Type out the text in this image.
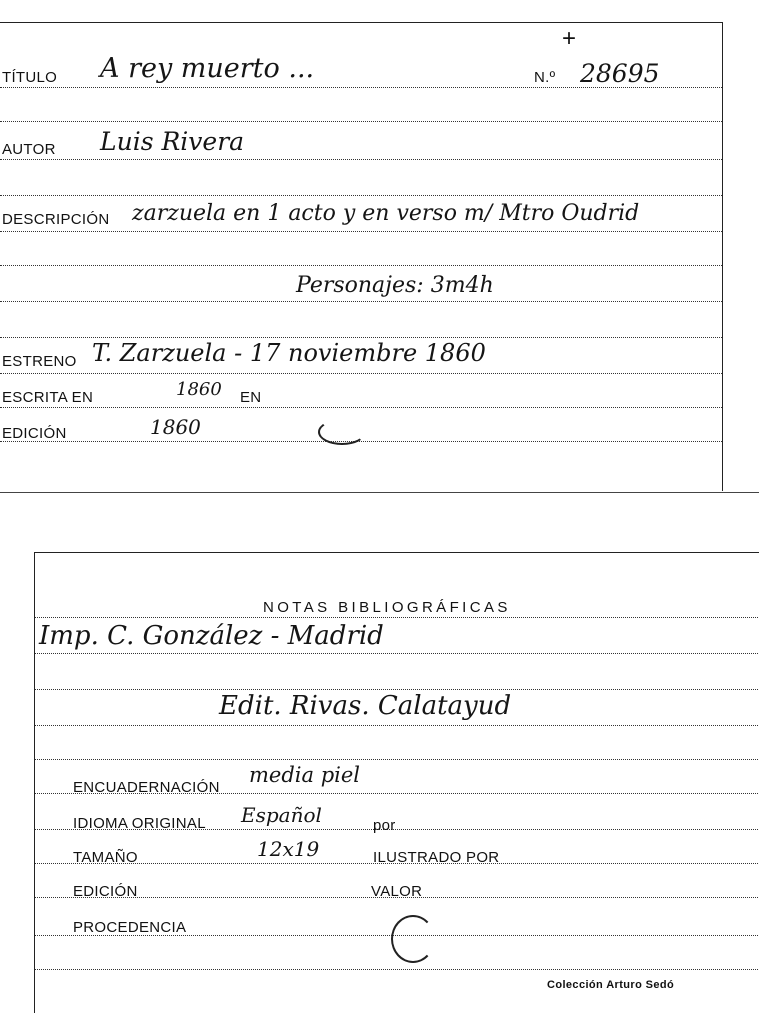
TÍTULO A rey muerto ...	N.º 28695
+
AUTOR Luis Rivera
DESCRIPCIÓN zarzuela en 1 acto y en verso m/ Mtro Oudrid
Personajes: 3m4h
ESTRENO T. Zarzuela - 17 noviembre 1860
ESCRITA EN	1860 EN
EDICIÓN	1860
NOTAS BIBLIOGRÁFICAS
Imp. C. González - Madrid
Edit. Rivas. Calatayud
ENCUADERNACIÓN
media piel
IDIOMA ORIGINAL Español	por
TAMAÑO	12x19	ILUSTRADO POR
EDICIÓN	VALOR
PROCEDENCIA
Colección Arturo Sedó
